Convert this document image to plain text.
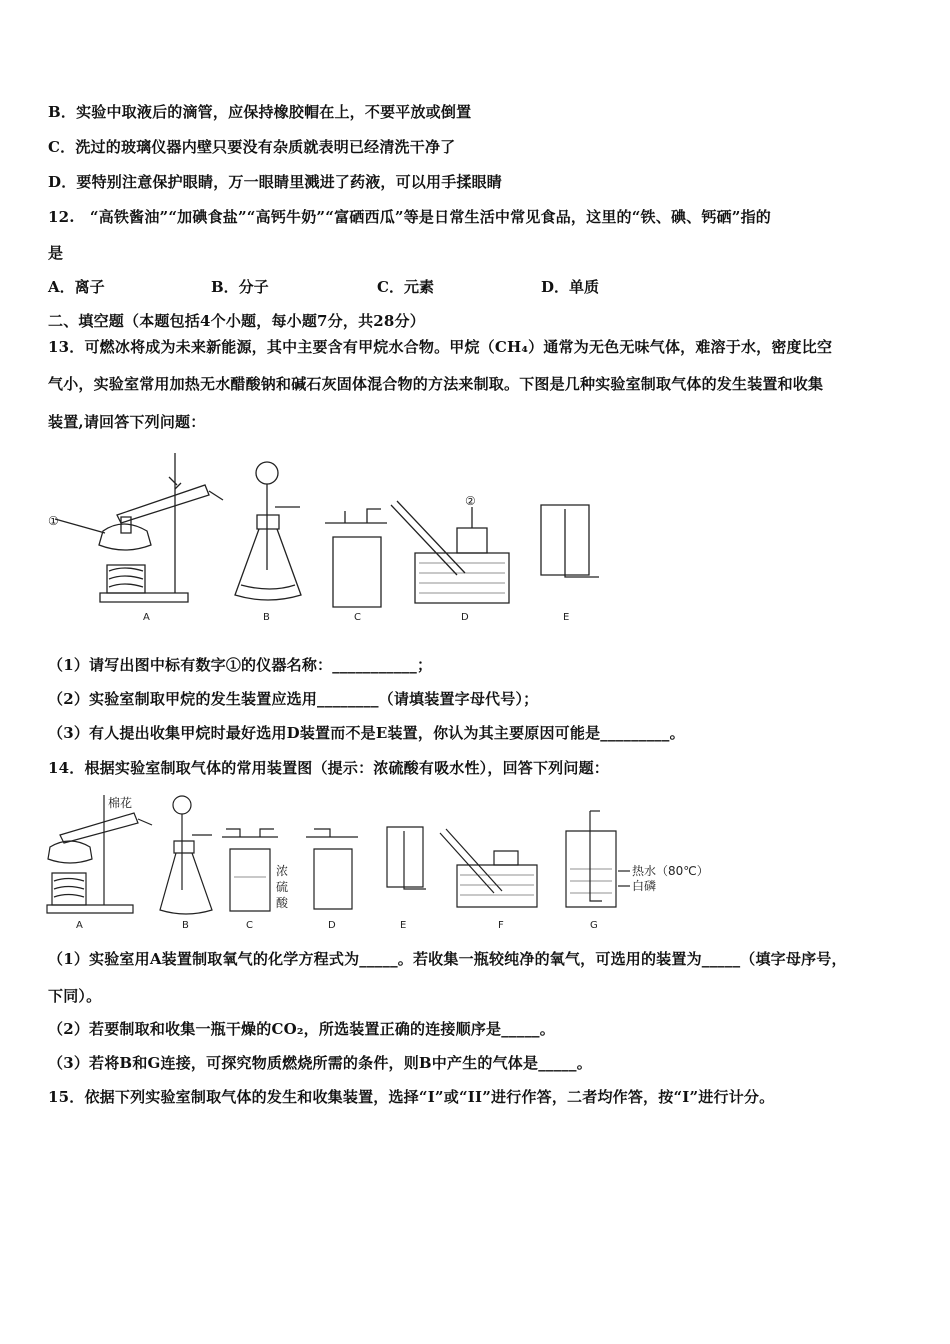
B．实验中取液后的滴管，应保持橡胶帽在上，不要平放或倒置
C．洗过的玻璃仪器内壁只要没有杂质就表明已经清洗干净了
D．要特别注意保护眼睛，万一眼睛里溅进了药液，可以用手揉眼睛
12.　“高铁酱油”“加碘食盐”“高钙牛奶”“富硒西瓜”等是日常生活中常见食品，这里的“铁、碘、钙硒”指的
是
A．离子	B．分子	C．元素	D．单质
二、填空题（本题包括4个小题，每小题7分，共28分）
13．可燃冰将成为未来新能源，其中主要含有甲烷水合物。甲烷（CH₄）通常为无色无味气体，难溶于水，密度比空
气小，实验室常用加热无水醋酸钠和碱石灰固体混合物的方法来制取。下图是几种实验室制取气体的发生装置和收集
装置,请回答下列问题：
①
②
A	B	C	D	E
（1）请写出图中标有数字①的仪器名称：___________；
（2）实验室制取甲烷的发生装置应选用________（请填装置字母代号）；
（3）有人提出收集甲烷时最好选用D装置而不是E装置，你认为其主要原因可能是_________。
14．根据实验室制取气体的常用装置图（提示：浓硫酸有吸水性），回答下列问题：
棉花
浓
硫
酸
热水（80℃）
白磷
A	B	C	D	E	F	G
（1）实验室用A装置制取氧气的化学方程式为_____。若收集一瓶较纯净的氧气，可选用的装置为_____（填字母序号，
下同）。
（2）若要制取和收集一瓶干燥的CO₂，所选装置正确的连接顺序是_____。
（3）若将B和G连接，可探究物质燃烧所需的条件，则B中产生的气体是_____。
15．依据下列实验室制取气体的发生和收集装置，选择“I”或“II”进行作答，二者均作答，按“I”进行计分。
